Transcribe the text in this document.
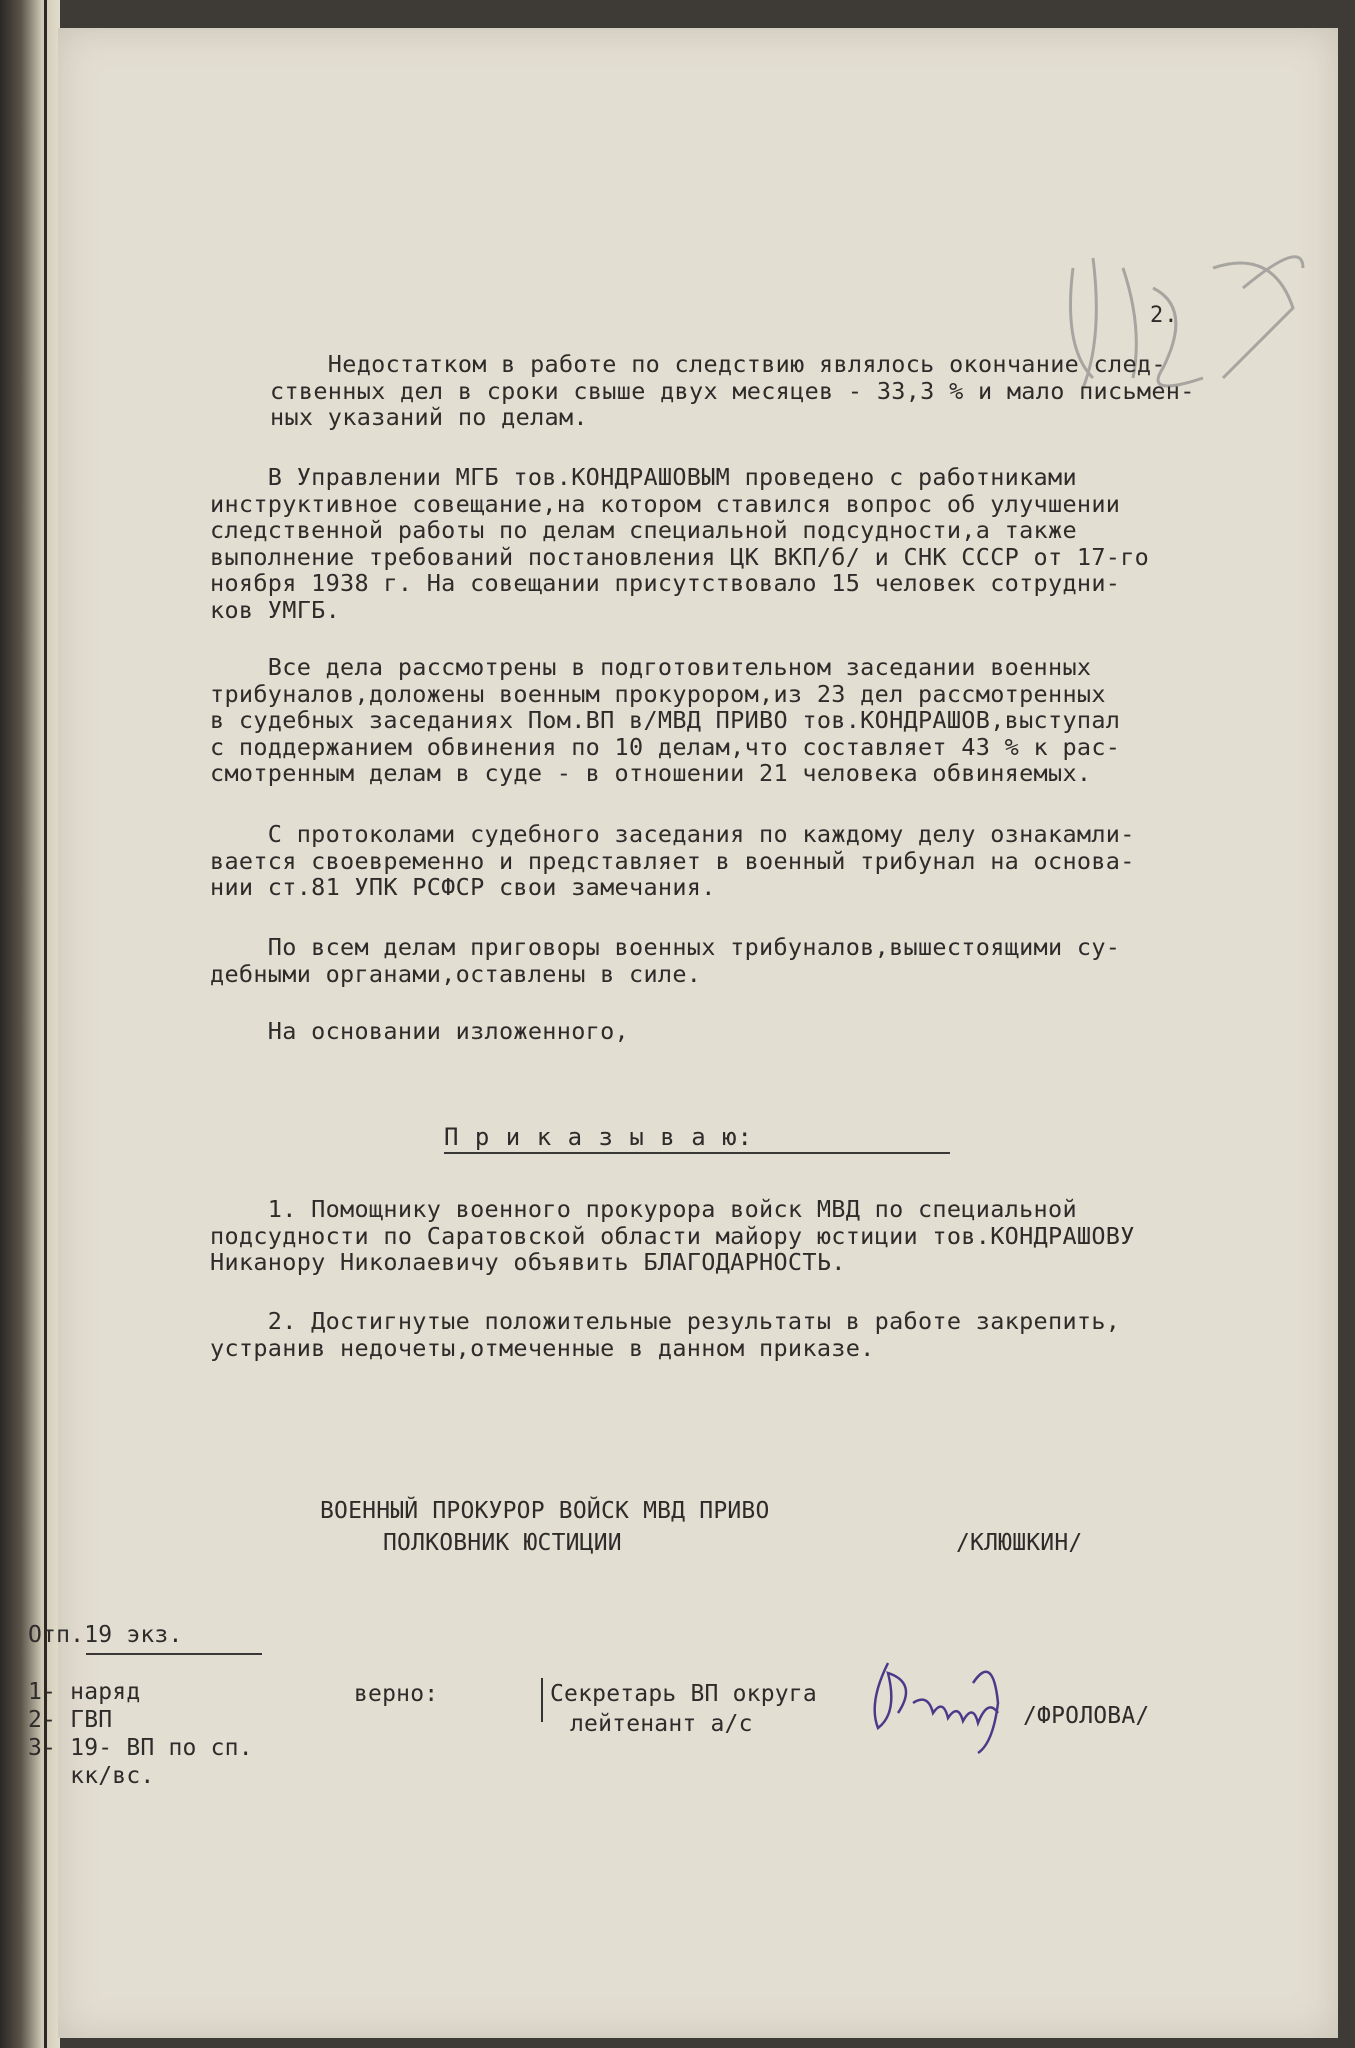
2.

Недостатком в работе по следствию являлось окончание след-
ственных дел в сроки свыше двух месяцев - 33,3 % и мало письмен-
ных указаний по делам.

В Управлении МГБ тов.КОНДРАШОВЫМ проведено с работниками
инструктивное совещание,на котором ставился вопрос об улучшении
следственной работы по делам специальной подсудности,а также
выполнение требований постановления ЦК ВКП/б/ и СНК СССР от 17-го
ноября 1938 г. На совещании присутствовало 15 человек сотрудни-
ков УМГБ.

Все дела рассмотрены в подготовительном заседании военных
трибуналов,доложены военным прокурором,из 23 дел рассмотренных
в судебных заседаниях Пом.ВП в/МВД ПРИВО тов.КОНДРАШОВ,выступал
с поддержанием обвинения по 10 делам,что составляет 43 % к рас-
смотренным делам в суде - в отношении 21 человека обвиняемых.

С протоколами судебного заседания по каждому делу ознакамли-
вается своевременно и представляет в военный трибунал на основа-
нии ст.81 УПК РСФСР свои замечания.

По всем делам приговоры военных трибуналов,вышестоящими су-
дебными органами,оставлены в силе.

На основании изложенного,

П р и к а з ы в а ю:

1. Помощнику военного прокурора войск МВД по специальной
подсудности по Саратовской области майору юстиции тов.КОНДРАШОВУ
Никанору Николаевичу объявить БЛАГОДАРНОСТЬ.

2. Достигнутые положительные результаты в работе закрепить,
устранив недочеты,отмеченные в данном приказе.

ВОЕННЫЙ ПРОКУРОР ВОЙСК МВД ПРИВО
ПОЛКОВНИК ЮСТИЦИИ	/КЛЮШКИН/
Отп.19 экз.
1- наряд
2- ГВП
3- 19- ВП по сп.
кк/вс.
верно:	Секретарь ВП округа
лейтенант а/с	/ФРОЛОВА/
